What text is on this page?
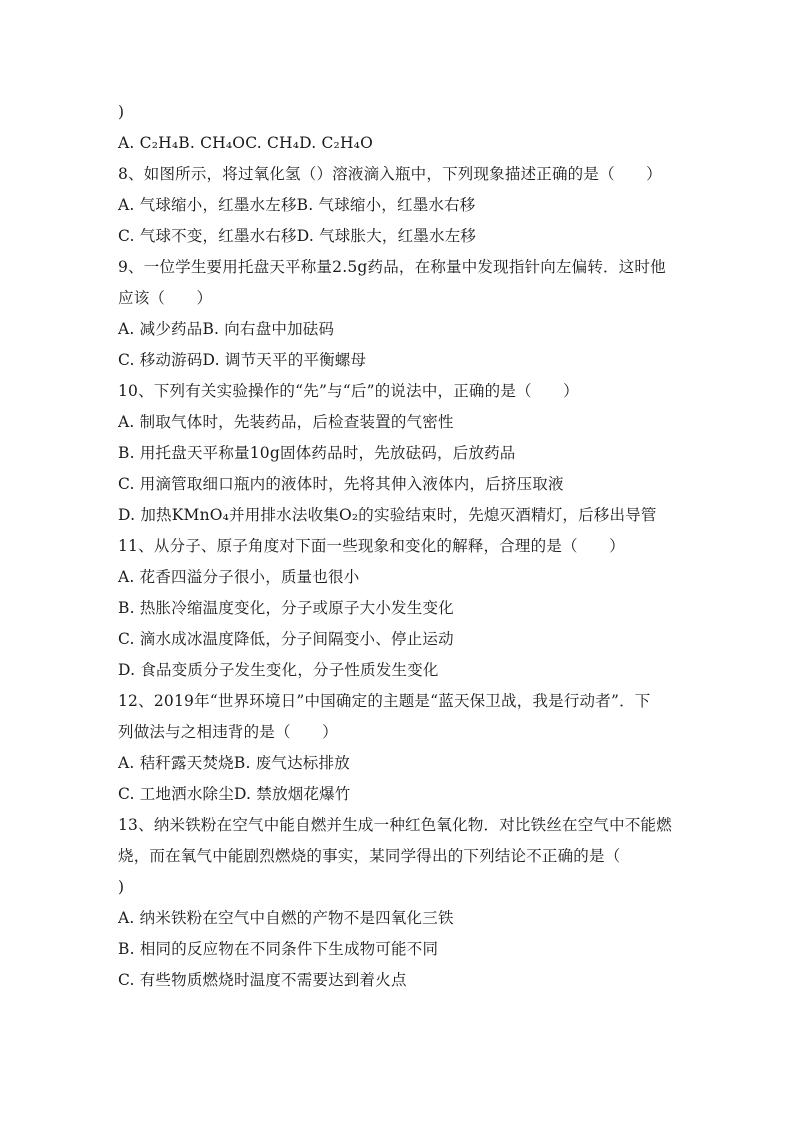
)
A. C₂H₄B. CH₄OC. CH₄D. C₂H₄O
8、如图所示，将过氧化氢（）溶液滴入瓶中，下列现象描述正确的是（　　）
A. 气球缩小，红墨水左移B. 气球缩小，红墨水右移
C. 气球不变，红墨水右移D. 气球胀大，红墨水左移
9、一位学生要用托盘天平称量2.5g药品，在称量中发现指针向左偏转．这时他
应该（　　）
A. 减少药品B. 向右盘中加砝码
C. 移动游码D. 调节天平的平衡螺母
10、下列有关实验操作的“先”与“后”的说法中，正确的是（　　）
A. 制取气体时，先装药品，后检查装置的气密性
B. 用托盘天平称量10g固体药品时，先放砝码，后放药品
C. 用滴管取细口瓶内的液体时，先将其伸入液体内，后挤压取液
D. 加热KMnO₄并用排水法收集O₂的实验结束时，先熄灭酒精灯，后移出导管
11、从分子、原子角度对下面一些现象和变化的解释，合理的是（　　）
A. 花香四溢分子很小，质量也很小
B. 热胀冷缩温度变化，分子或原子大小发生变化
C. 滴水成冰温度降低，分子间隔变小、停止运动
D. 食品变质分子发生变化，分子性质发生变化
12、2019年“世界环境日”中国确定的主题是“蓝天保卫战，我是行动者”．下
列做法与之相违背的是（　　）
A. 秸秆露天焚烧B. 废气达标排放
C. 工地洒水除尘D. 禁放烟花爆竹
13、纳米铁粉在空气中能自燃并生成一种红色氧化物．对比铁丝在空气中不能燃
烧，而在氧气中能剧烈燃烧的事实，某同学得出的下列结论不正确的是（
)
A. 纳米铁粉在空气中自燃的产物不是四氧化三铁
B. 相同的反应物在不同条件下生成物可能不同
C. 有些物质燃烧时温度不需要达到着火点
